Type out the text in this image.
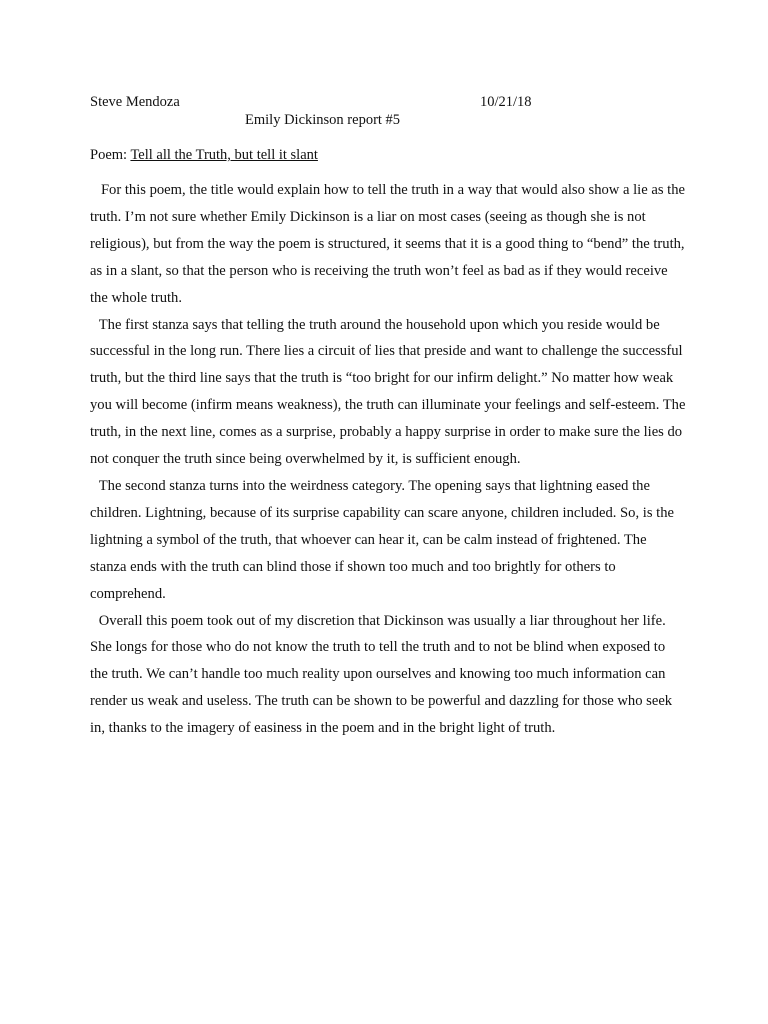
Steve Mendoza	10/21/18
Emily Dickinson report #5
Poem: Tell all the Truth, but tell it slant

For this poem, the title would explain how to tell the truth in a way that would also show a lie as the truth. I’m not sure whether Emily Dickinson is a liar on most cases (seeing as though she is not religious), but from the way the poem is structured, it seems that it is a good thing to “bend” the truth, as in a slant, so that the person who is receiving the truth won’t feel as bad as if they would receive the whole truth.

The first stanza says that telling the truth around the household upon which you reside would be successful in the long run. There lies a circuit of lies that preside and want to challenge the successful truth, but the third line says that the truth is “too bright for our infirm delight.” No matter how weak you will become (infirm means weakness), the truth can illuminate your feelings and self-esteem. The truth, in the next line, comes as a surprise, probably a happy surprise in order to make sure the lies do not conquer the truth since being overwhelmed by it, is sufficient enough.

The second stanza turns into the weirdness category. The opening says that lightning eased the children. Lightning, because of its surprise capability can scare anyone, children included. So, is the lightning a symbol of the truth, that whoever can hear it, can be calm instead of frightened. The stanza ends with the truth can blind those if shown too much and too brightly for others to comprehend.

Overall this poem took out of my discretion that Dickinson was usually a liar throughout her life. She longs for those who do not know the truth to tell the truth and to not be blind when exposed to the truth. We can’t handle too much reality upon ourselves and knowing too much information can render us weak and useless. The truth can be shown to be powerful and dazzling for those who seek in, thanks to the imagery of easiness in the poem and in the bright light of truth.
